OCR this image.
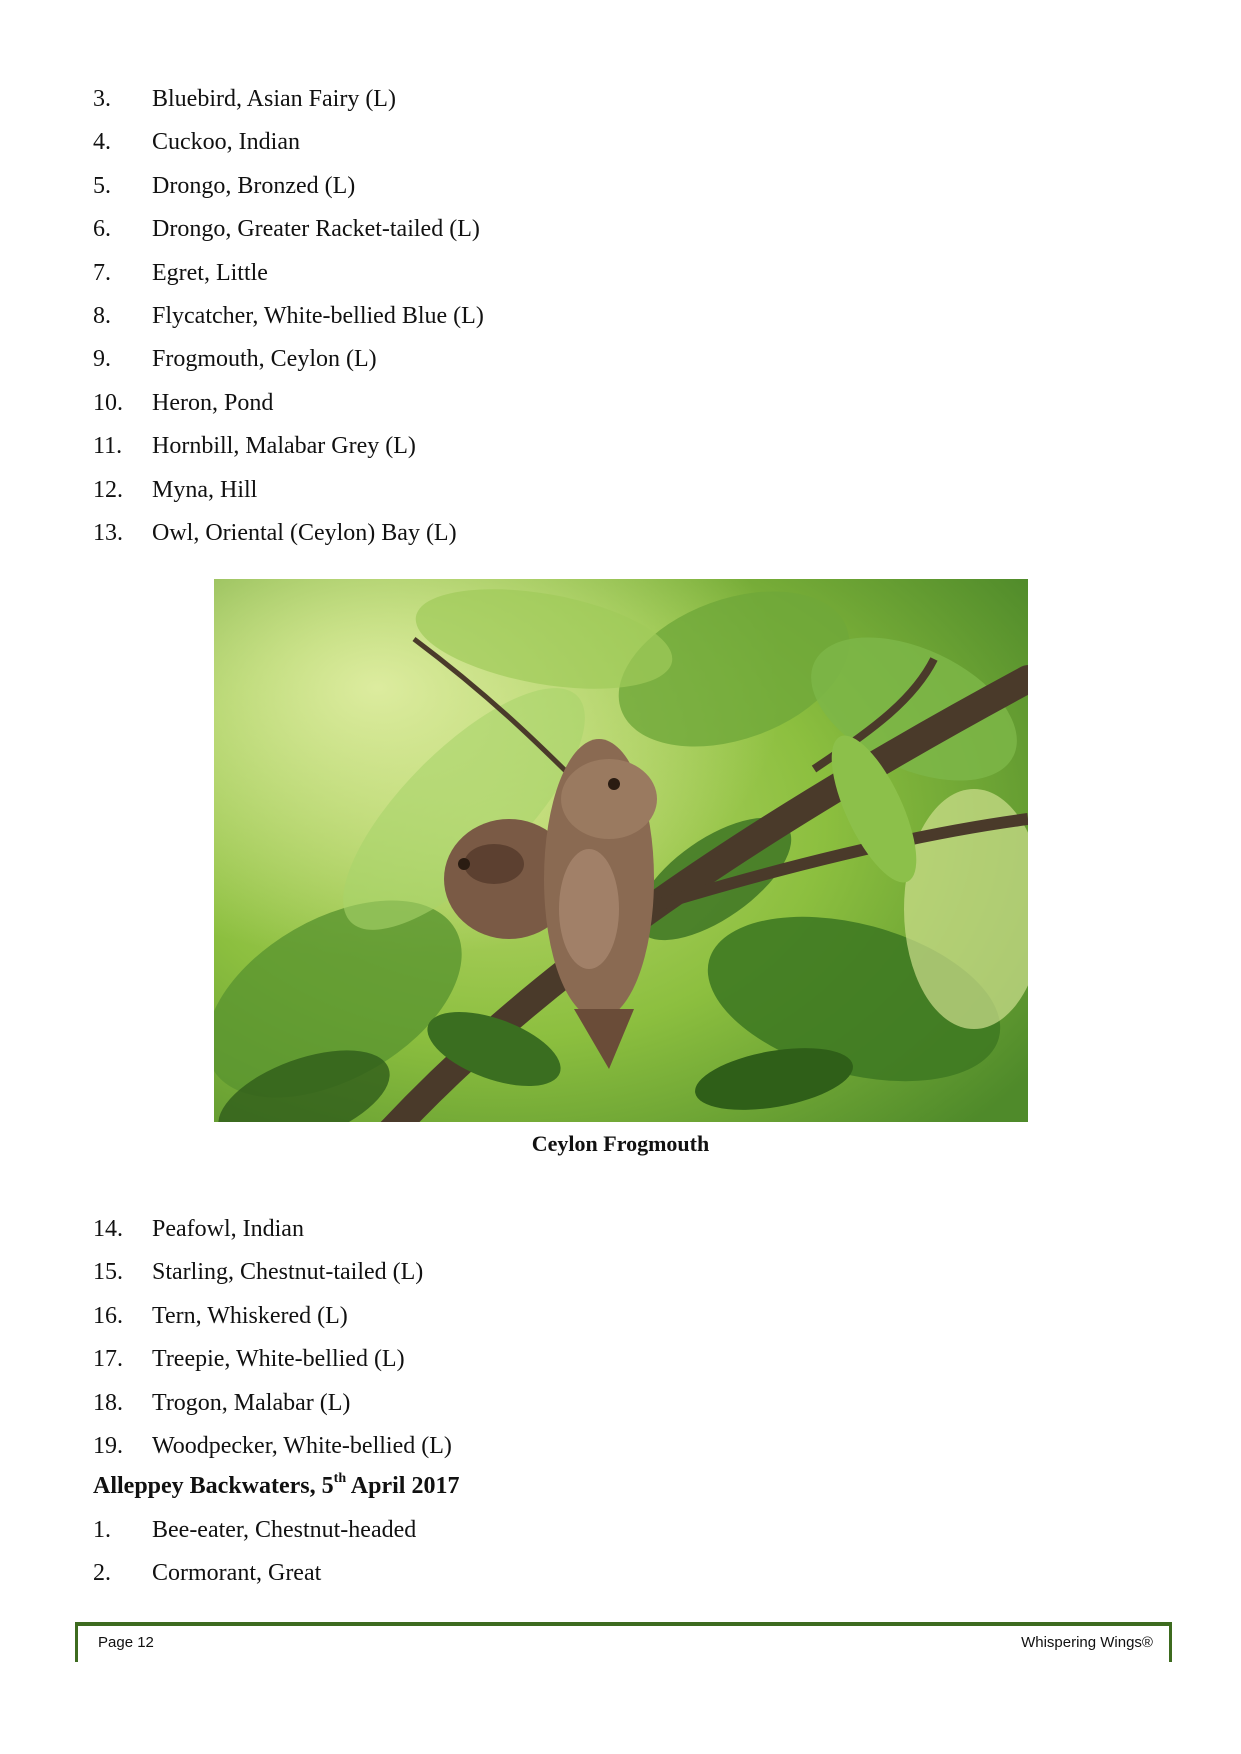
3. Bluebird, Asian Fairy (L)
4. Cuckoo, Indian
5. Drongo, Bronzed (L)
6. Drongo, Greater Racket-tailed (L)
7. Egret, Little
8. Flycatcher, White-bellied Blue (L)
9. Frogmouth, Ceylon (L)
10. Heron, Pond
11. Hornbill, Malabar Grey (L)
12. Myna, Hill
13. Owl, Oriental (Ceylon) Bay (L)
Ceylon Frogmouth
14. Peafowl, Indian
15. Starling, Chestnut-tailed (L)
16. Tern, Whiskered (L)
17. Treepie, White-bellied (L)
18. Trogon, Malabar (L)
19. Woodpecker, White-bellied (L)
Alleppey Backwaters, 5th April 2017
1. Bee-eater, Chestnut-headed
2. Cormorant, Great
Page 12	Whispering Wings®
